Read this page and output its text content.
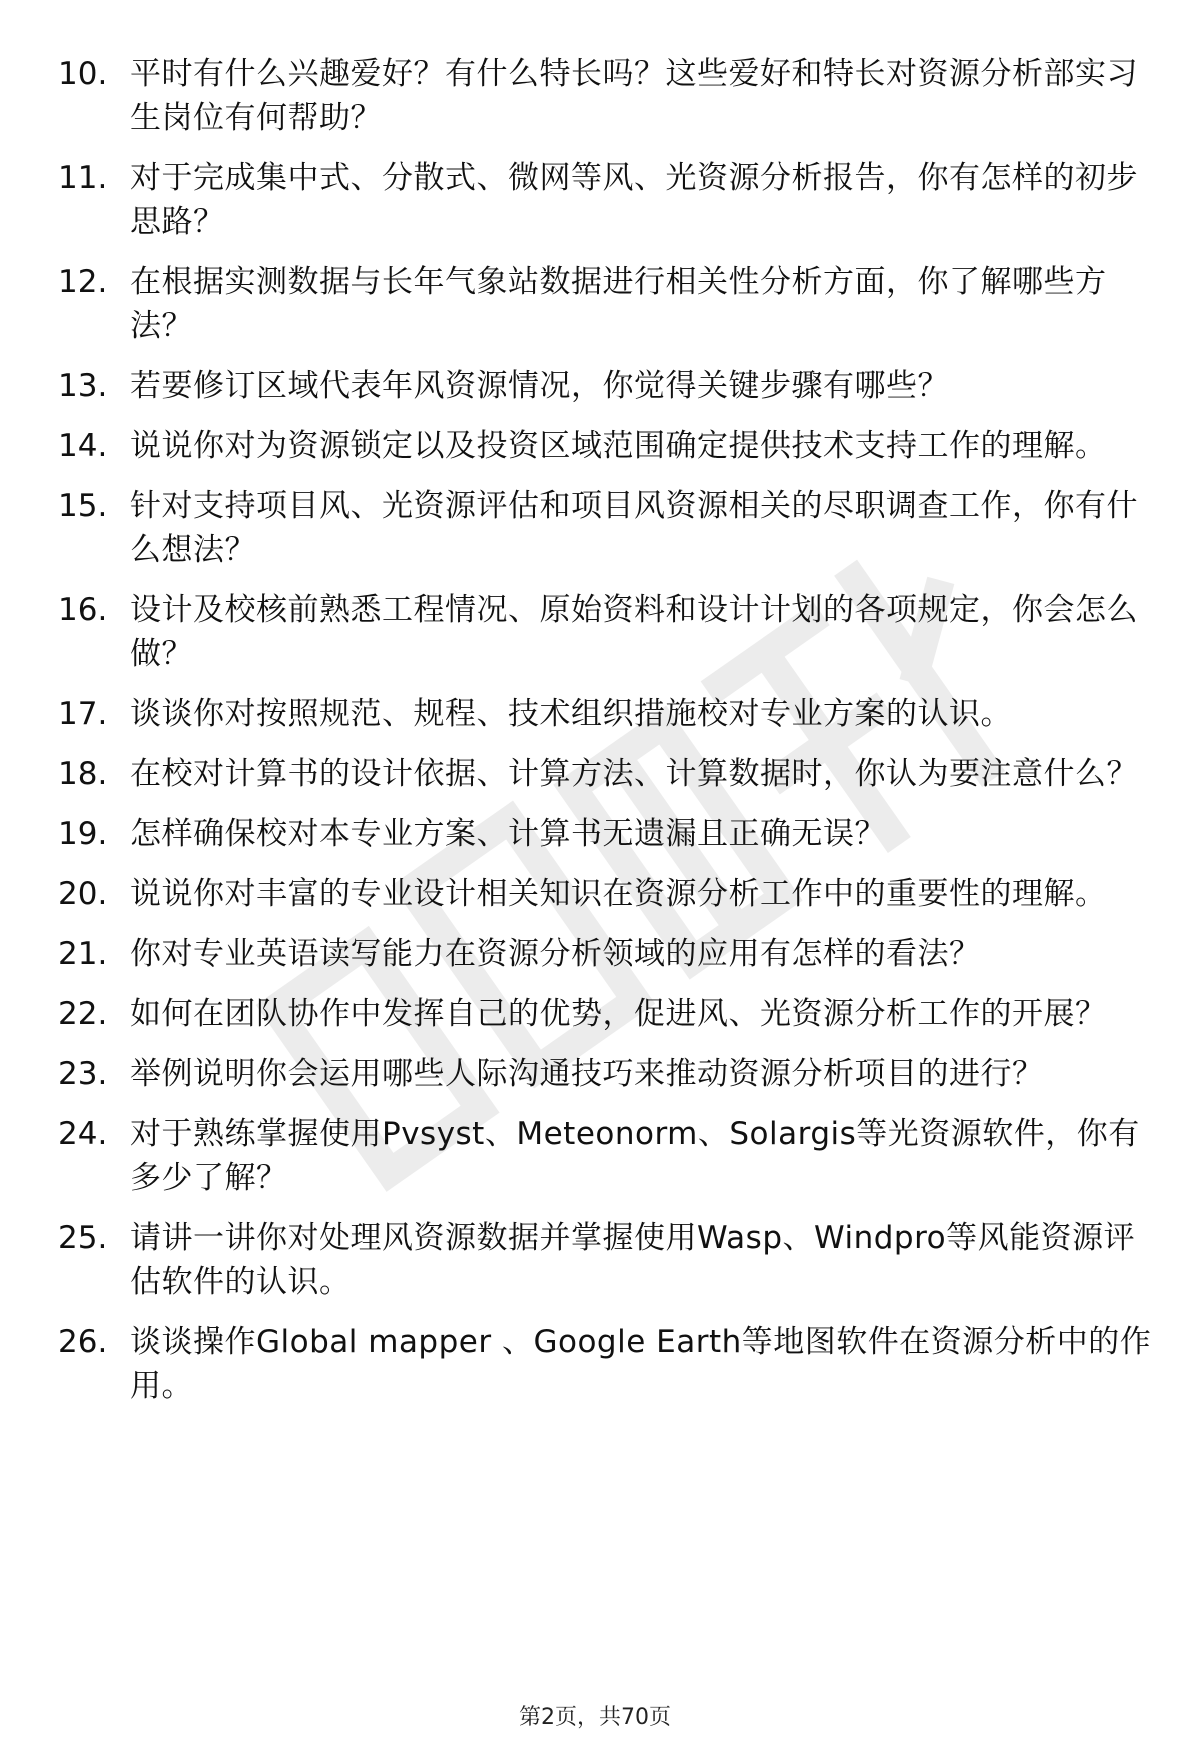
10. 平时有什么兴趣爱好？有什么特长吗？这些爱好和特长对资源分析部实习生岗位有何帮助？
11. 对于完成集中式、分散式、微网等风、光资源分析报告，你有怎样的初步思路？
12. 在根据实测数据与长年气象站数据进行相关性分析方面，你了解哪些方法？
13. 若要修订区域代表年风资源情况，你觉得关键步骤有哪些？
14. 说说你对为资源锁定以及投资区域范围确定提供技术支持工作的理解。
15. 针对支持项目风、光资源评估和项目风资源相关的尽职调查工作，你有什么想法？
16. 设计及校核前熟悉工程情况、原始资料和设计计划的各项规定，你会怎么做？
17. 谈谈你对按照规范、规程、技术组织措施校对专业方案的认识。
18. 在校对计算书的设计依据、计算方法、计算数据时，你认为要注意什么？
19. 怎样确保校对本专业方案、计算书无遗漏且正确无误？
20. 说说你对丰富的专业设计相关知识在资源分析工作中的重要性的理解。
21. 你对专业英语读写能力在资源分析领域的应用有怎样的看法？
22. 如何在团队协作中发挥自己的优势，促进风、光资源分析工作的开展？
23. 举例说明你会运用哪些人际沟通技巧来推动资源分析项目的进行？
24. 对于熟练掌握使用Pvsyst、Meteonorm、Solargis等光资源软件，你有多少了解？
25. 请讲一讲你对处理风资源数据并掌握使用Wasp、Windpro等风能资源评估软件的认识。
26. 谈谈操作Global mapper 、Google Earth等地图软件在资源分析中的作用。
第2页，共70页
